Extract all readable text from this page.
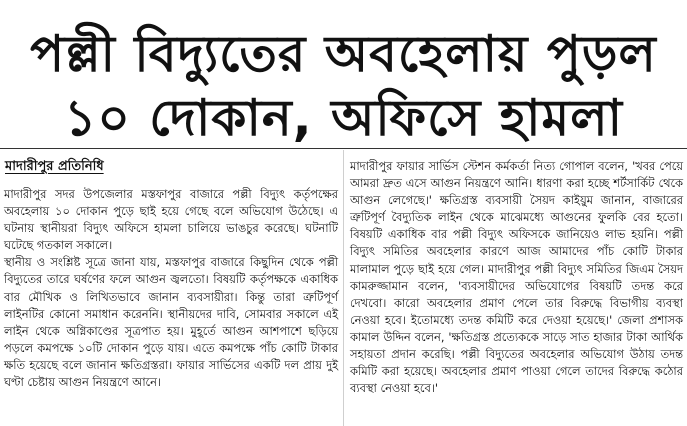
পল্লী বিদ্যুতের অবহেলায় পুড়ল
১০ দোকান, অফিসে হামলা
মাদারীপুর প্রতিনিধি

মাদারীপুর সদর উপজেলার মস্তফাপুর বাজারে পল্লী বিদ্যুৎ কর্তৃপক্ষের অবহেলায় ১০ দোকান পুড়ে ছাই হয়ে গেছে বলে অভিযোগ উঠেছে। এ ঘটনায় স্থানীয়রা বিদ্যুৎ অফিসে হামলা চালিয়ে ভাঙচুর করেছে। ঘটনাটি ঘটেছে গতকাল সকালে।

স্থানীয় ও সংশ্লিষ্ট সূত্রে জানা যায়, মস্তফাপুর বাজারে কিছুদিন থেকে পল্লী বিদ্যুতের তারে ঘর্ষণের ফলে আগুন জ্বলতো। বিষয়টি কর্তৃপক্ষকে একাধিক বার মৌখিক ও লিখিতভাবে জানান ব্যবসায়ীরা। কিন্তু তারা ত্রুটিপূর্ণ লাইনটির কোনো সমাধান করেননি। স্থানীয়দের দাবি, সোমবার সকালে এই লাইন থেকে অগ্নিকাণ্ডের সূত্রপাত হয়। মুহূর্তে আগুন আশপাশে ছড়িয়ে পড়লে কমপক্ষে ১০টি দোকান পুড়ে যায়। এতে কমপক্ষে পাঁচ কোটি টাকার ক্ষতি হয়েছে বলে জানান ক্ষতিগ্রস্তরা। ফায়ার সার্ভিসের একটি দল প্রায় দুই ঘণ্টা চেষ্টায় আগুন নিয়ন্ত্রণে আনে।

মাদারীপুর ফায়ার সার্ভিস স্টেশন কর্মকর্তা নিত্য গোপাল বলেন, 'খবর পেয়ে আমরা দ্রুত এসে আগুন নিয়ন্ত্রণে আনি। ধারণা করা হচ্ছে শর্টসার্কিট থেকে আগুন লেগেছে।' ক্ষতিগ্রস্ত ব্যবসায়ী সৈয়দ কাইয়ুম জানান, বাজারের ত্রুটিপূর্ণ বৈদ্যুতিক লাইন থেকে মাঝেমধ্যে আগুনের ফুলকি বের হতো। বিষয়টি একাধিক বার পল্লী বিদ্যুৎ অফিসকে জানিয়েও লাভ হয়নি। পল্লী বিদ্যুৎ সমিতির অবহেলার কারণে আজ আমাদের পাঁচ কোটি টাকার মালামাল পুড়ে ছাই হয়ে গেল। মাদারীপুর পল্লী বিদ্যুৎ সমিতির জিএম সৈয়দ কামরুজ্জামান বলেন, 'ব্যবসায়ীদের অভিযোগের বিষয়টি তদন্ত করে দেখবো। কারো অবহেলার প্রমাণ পেলে তার বিরুদ্ধে বিভাগীয় ব্যবস্থা নেওয়া হবে। ইতোমধ্যে তদন্ত কমিটি করে দেওয়া হয়েছে।' জেলা প্রশাসক কামাল উদ্দিন বলেন, 'ক্ষতিগ্রস্ত প্রত্যেককে সাড়ে সাত হাজার টাকা আর্থিক সহায়তা প্রদান করেছি। পল্লী বিদ্যুতের অবহেলার অভিযোগ উঠায় তদন্ত কমিটি করা হয়েছে। অবহেলার প্রমাণ পাওয়া গেলে তাদের বিরুদ্ধে কঠোর ব্যবস্থা নেওয়া হবে।'
